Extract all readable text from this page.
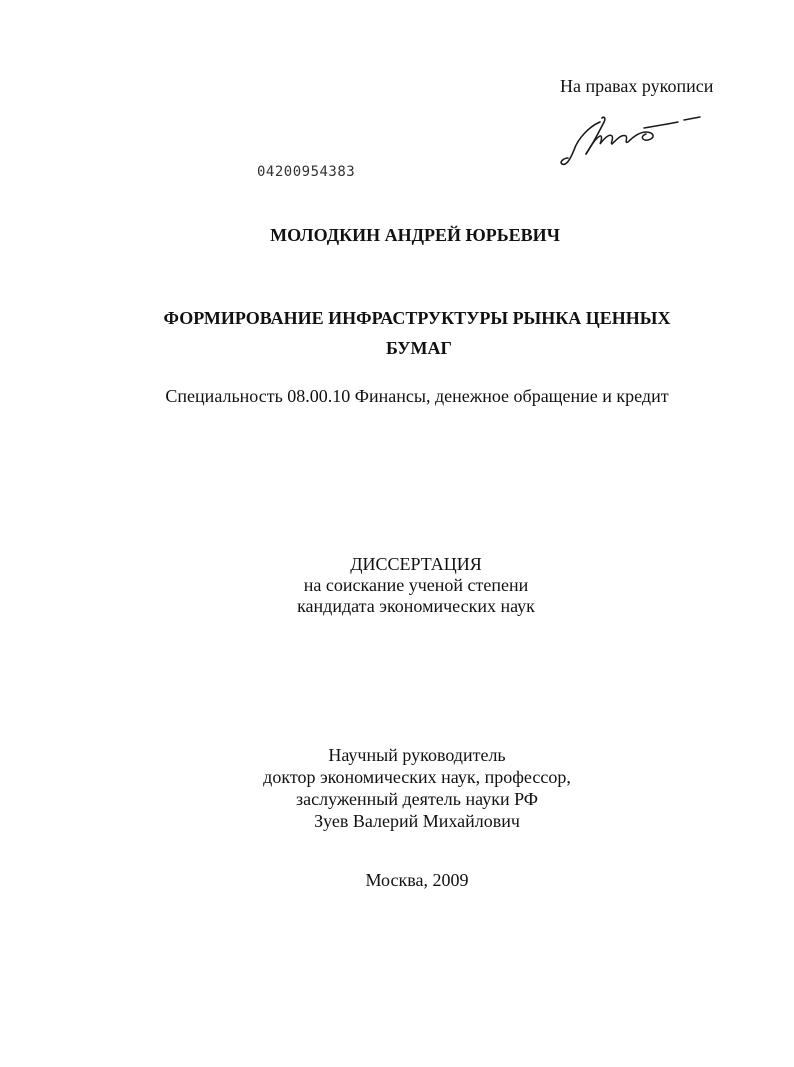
На правах рукописи
04200954383
МОЛОДКИН АНДРЕЙ ЮРЬЕВИЧ
ФОРМИРОВАНИЕ ИНФРАСТРУКТУРЫ РЫНКА ЦЕННЫХ
БУМАГ
Специальность 08.00.10 Финансы, денежное обращение и кредит
ДИССЕРТАЦИЯ
на соискание ученой степени
кандидата экономических наук
Научный руководитель
доктор экономических наук, профессор,
заслуженный деятель науки РФ
Зуев Валерий Михайлович
Москва, 2009
